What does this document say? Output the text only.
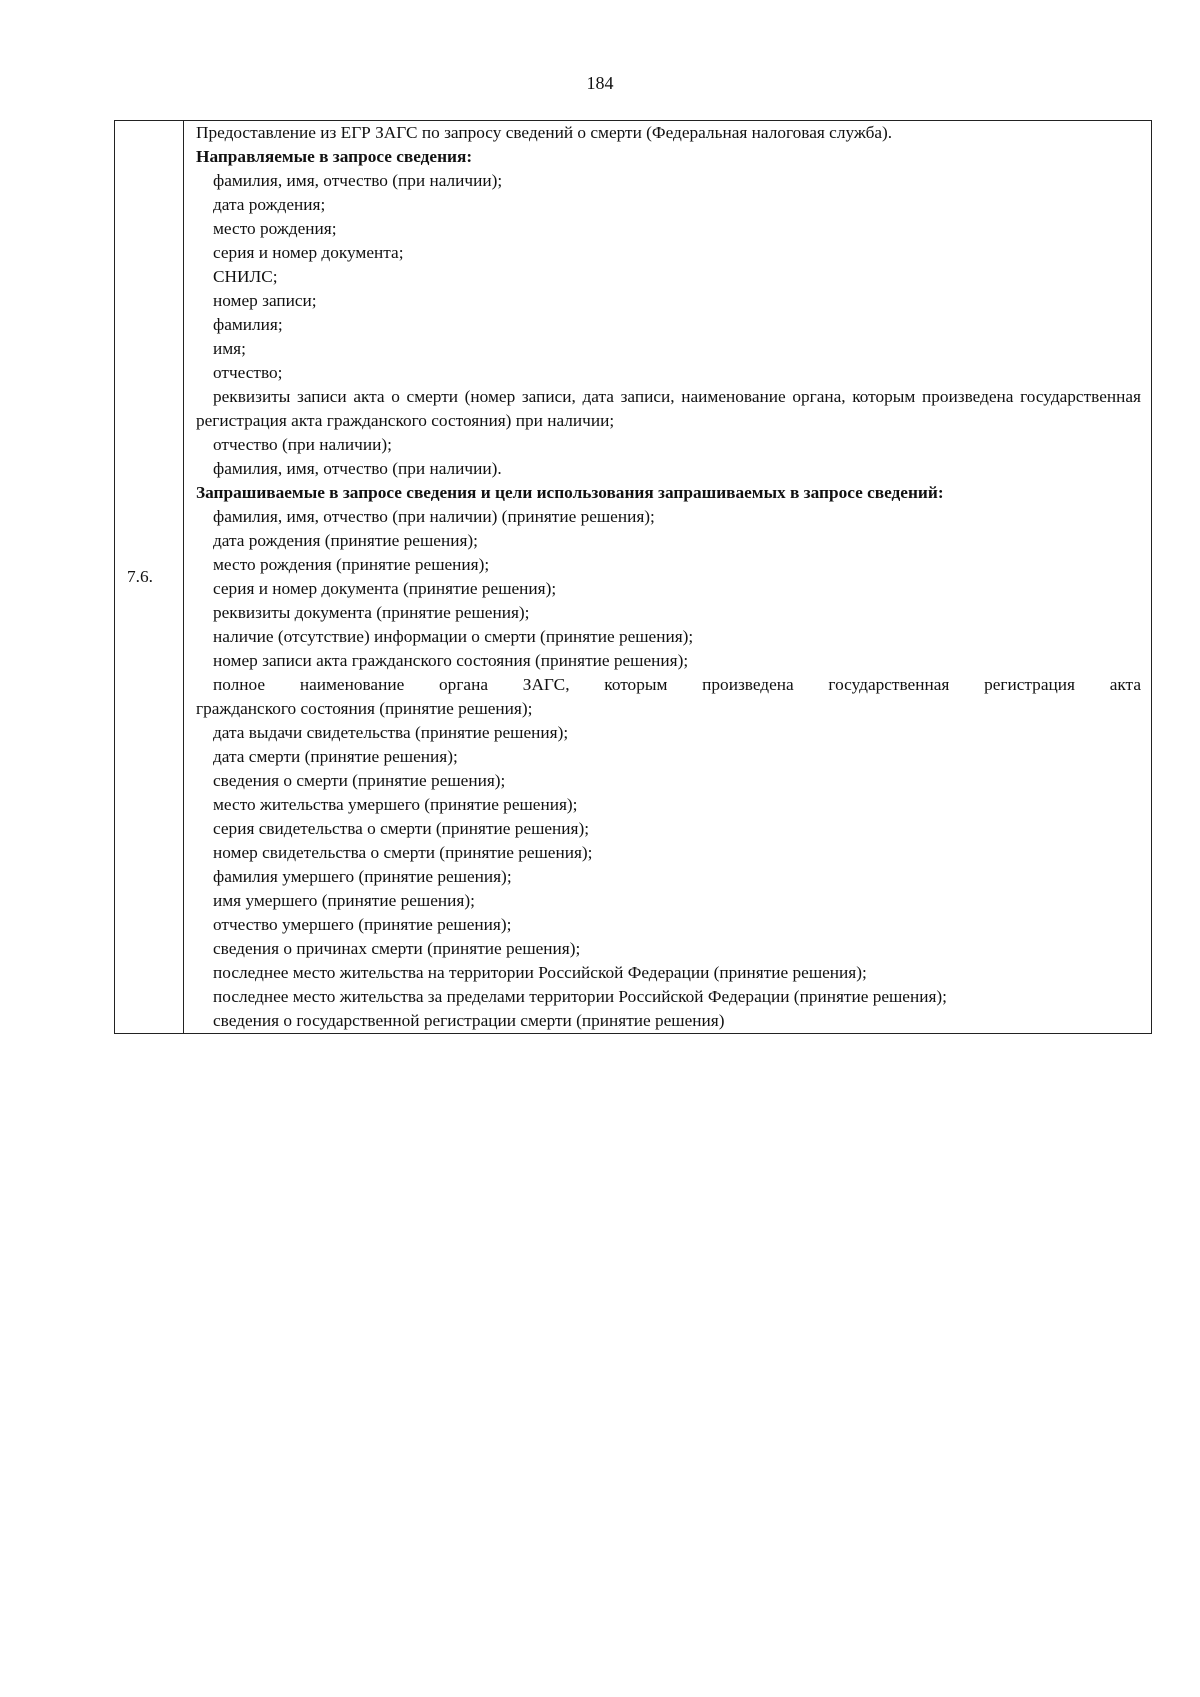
184
7.6.	
Предоставление из ЕГР ЗАГС по запросу сведений о смерти (Федеральная налоговая служба).
Направляемые в запросе сведения:
фамилия, имя, отчество (при наличии);
дата рождения;
место рождения;
серия и номер документа;
СНИЛС;
номер записи;
фамилия;
имя;
отчество;
реквизиты записи акта о смерти (номер записи, дата записи, наименование органа, которым произведена государственная регистрация акта гражданского состояния) при наличии;
отчество (при наличии);
фамилия, имя, отчество (при наличии).
Запрашиваемые в запросе сведения и цели использования запрашиваемых в запросе сведений:
фамилия, имя, отчество (при наличии) (принятие решения);
дата рождения (принятие решения);
место рождения (принятие решения);
серия и номер документа (принятие решения);
реквизиты документа (принятие решения);
наличие (отсутствие) информации о смерти (принятие решения);
номер записи акта гражданского состояния (принятие решения);
полное наименование органа ЗАГС, которым произведена государственная регистрация акта
гражданского состояния (принятие решения);
дата выдачи свидетельства (принятие решения);
дата смерти (принятие решения);
сведения о смерти (принятие решения);
место жительства умершего (принятие решения);
серия свидетельства о смерти (принятие решения);
номер свидетельства о смерти (принятие решения);
фамилия умершего (принятие решения);
имя умершего (принятие решения);
отчество умершего (принятие решения);
сведения о причинах смерти (принятие решения);
последнее место жительства на территории Российской Федерации (принятие решения);
последнее место жительства за пределами территории Российской Федерации (принятие решения);
сведения о государственной регистрации смерти (принятие решения)
